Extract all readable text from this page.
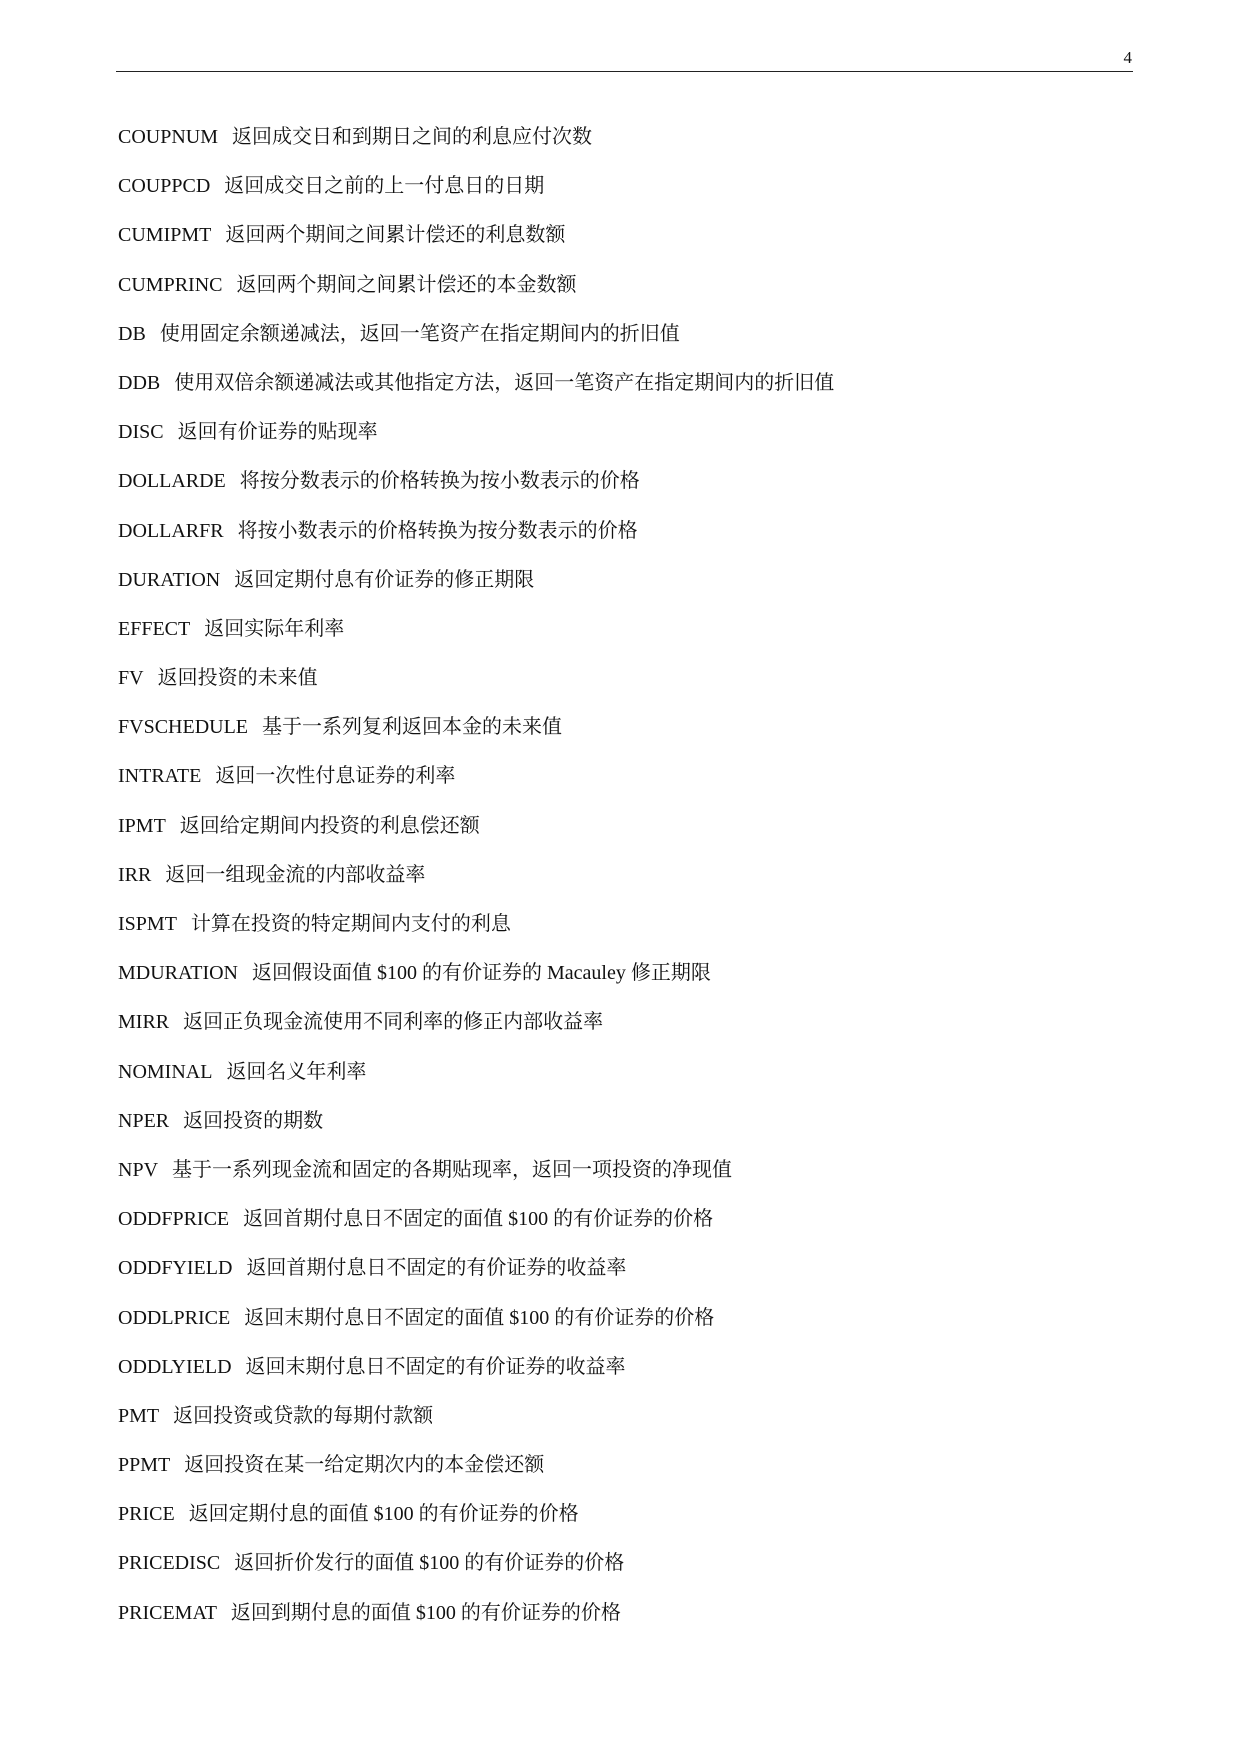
4
COUPNUM 返回成交日和到期日之间的利息应付次数
COUPPCD 返回成交日之前的上一付息日的日期
CUMIPMT 返回两个期间之间累计偿还的利息数额
CUMPRINC 返回两个期间之间累计偿还的本金数额
DB 使用固定余额递减法，返回一笔资产在指定期间内的折旧值
DDB 使用双倍余额递减法或其他指定方法，返回一笔资产在指定期间内的折旧值
DISC 返回有价证券的贴现率
DOLLARDE 将按分数表示的价格转换为按小数表示的价格
DOLLARFR 将按小数表示的价格转换为按分数表示的价格
DURATION 返回定期付息有价证券的修正期限
EFFECT 返回实际年利率
FV 返回投资的未来值
FVSCHEDULE 基于一系列复利返回本金的未来值
INTRATE 返回一次性付息证券的利率
IPMT 返回给定期间内投资的利息偿还额
IRR 返回一组现金流的内部收益率
ISPMT 计算在投资的特定期间内支付的利息
MDURATION 返回假设面值 $100 的有价证券的 Macauley 修正期限
MIRR 返回正负现金流使用不同利率的修正内部收益率
NOMINAL 返回名义年利率
NPER 返回投资的期数
NPV 基于一系列现金流和固定的各期贴现率，返回一项投资的净现值
ODDFPRICE 返回首期付息日不固定的面值 $100 的有价证券的价格
ODDFYIELD 返回首期付息日不固定的有价证券的收益率
ODDLPRICE 返回末期付息日不固定的面值 $100 的有价证券的价格
ODDLYIELD 返回末期付息日不固定的有价证券的收益率
PMT 返回投资或贷款的每期付款额
PPMT 返回投资在某一给定期次内的本金偿还额
PRICE 返回定期付息的面值 $100 的有价证券的价格
PRICEDISC 返回折价发行的面值 $100 的有价证券的价格
PRICEMAT 返回到期付息的面值 $100 的有价证券的价格
